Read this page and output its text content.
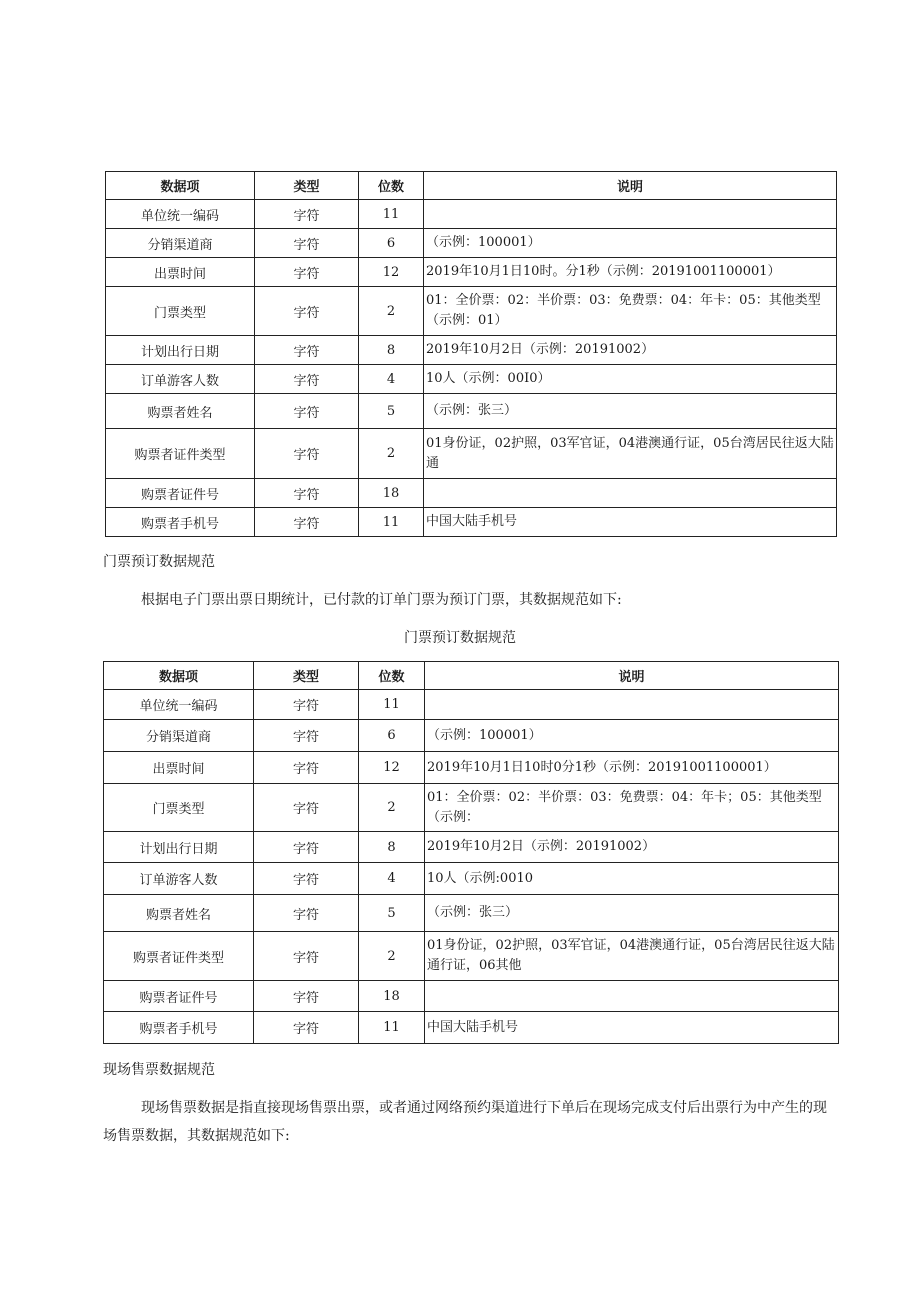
数据项	类型	位数	说明
单位统一编码	字符	11	
分销渠道商	字符	6	（示例：100001）
出票时间	字符	12	2019年10月1日10时。分1秒（示例：20191001100001）
门票类型	字符	2	01：全价票：02：半价票：03：免费票：04：年卡：05：其他类型（示例：01）
计划出行日期	字符	8	2019年10月2日（示例：20191002）
订单游客人数	字符	4	10人（示例：00I0）
购票者姓名	字符	5	（示例：张三）
购票者证件类型	字符	2	01身份证，02护照，03军官证，04港澳通行证，05台湾居民往返大陆通

购票者证件号	字符	18	
购票者手机号	字符	11	中国大陆手机号
门票预订数据规范
根据电子门票出票日期统计，已付款的订单门票为预订门票，其数据规范如下:
门票预订数据规范
数据项	类型	位数	说明
单位统一编码	字符	11	
分销渠道商	字符	6	（示例：100001）
出票时间	字符	12	2019年10月1日10时0分1秒（示例：20191001100001）
门票类型	字符	2	01：全价票：02：半价票：03：免费票：04：年卡；05：其他类型（示例：
计划出行日期	字符	8	2019年10月2日（示例：20191002）
订单游客人数	字符	4	10人（示例:0010
购票者姓名	字符	5	（示例：张三）
购票者证件类型	字符	2	01身份证，02护照，03军官证，04港澳通行证，05台湾居民往返大陆通行证，06其他
购票者证件号	字符	18	
购票者手机号	字符	11	中国大陆手机号
现场售票数据规范
现场售票数据是指直接现场售票出票，或者通过网络预约渠道进行下单后在现场完成支付后出票行为中产生的现场售票数据，其数据规范如下:
